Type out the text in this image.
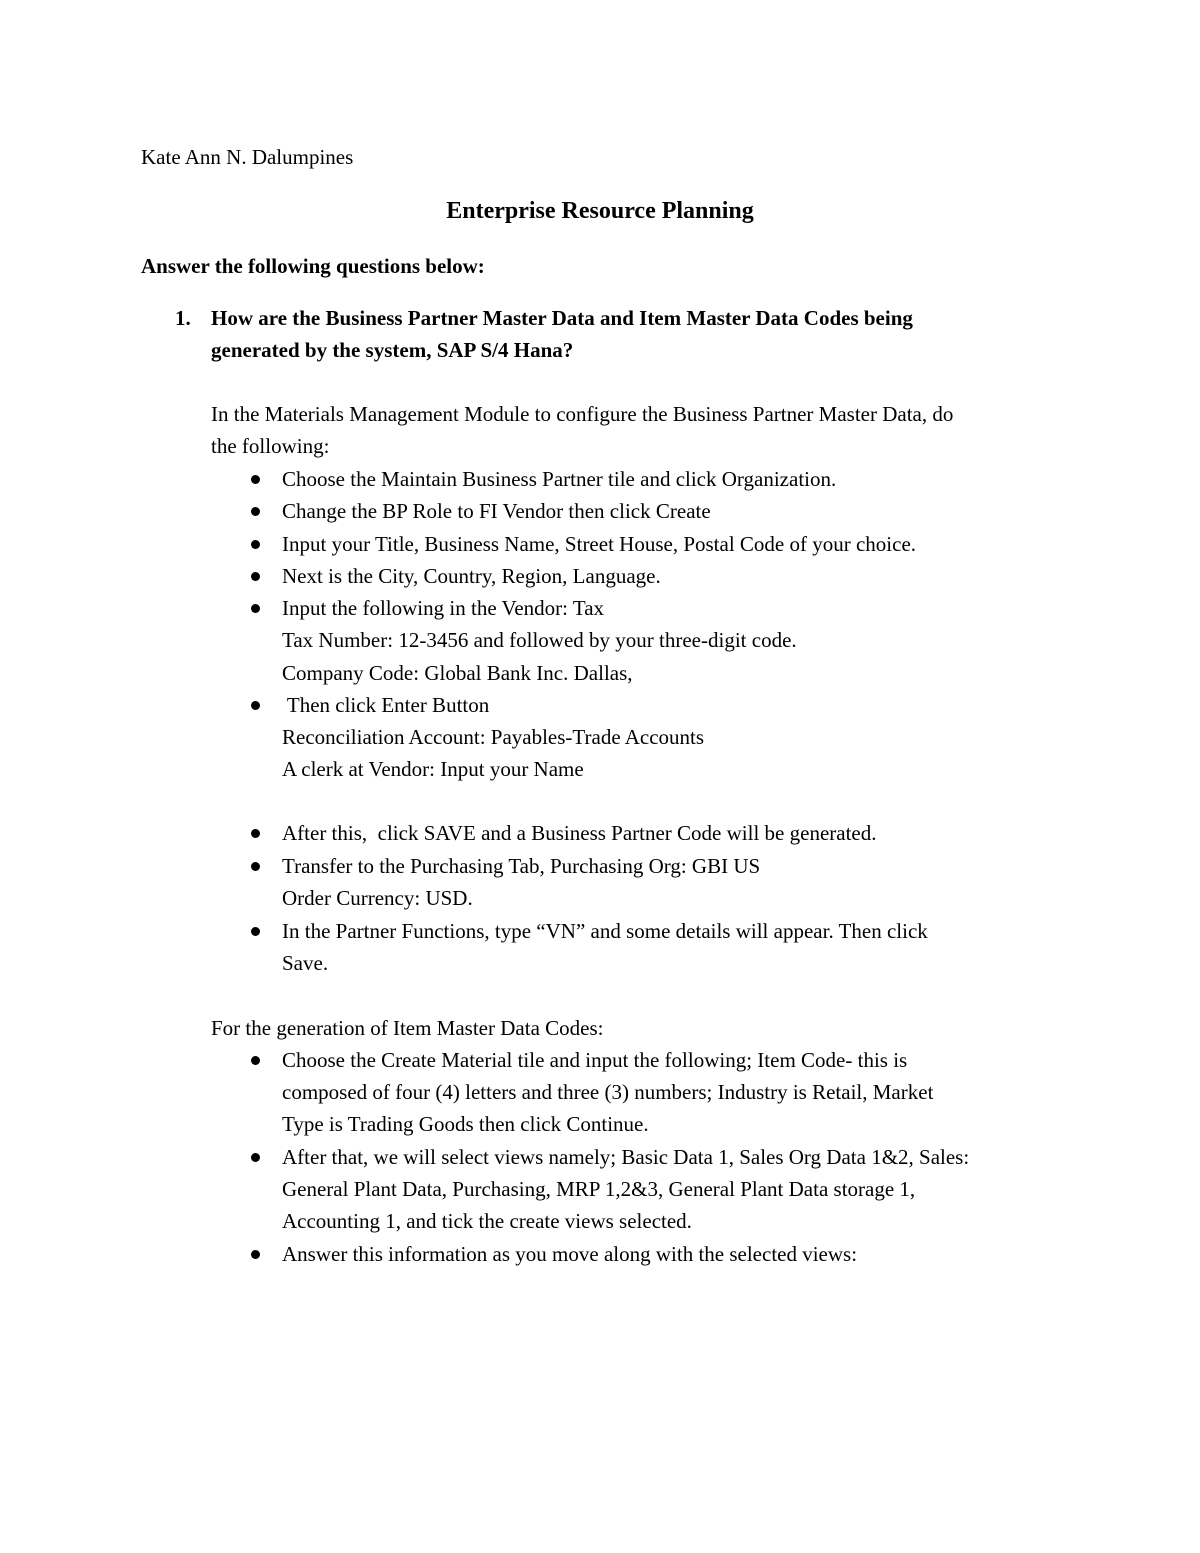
Kate Ann N. Dalumpines
Enterprise Resource Planning
Answer the following questions below:
1. How are the Business Partner Master Data and Item Master Data Codes being
generated by the system, SAP S/4 Hana?
In the Materials Management Module to configure the Business Partner Master Data, do
the following:
Choose the Maintain Business Partner tile and click Organization.
Change the BP Role to FI Vendor then click Create
Input your Title, Business Name, Street House, Postal Code of your choice.
Next is the City, Country, Region, Language.
Input the following in the Vendor: Tax
Tax Number: 12-3456 and followed by your three-digit code.
Company Code: Global Bank Inc. Dallas,
Then click Enter Button
Reconciliation Account: Payables-Trade Accounts
A clerk at Vendor: Input your Name
After this,  click SAVE and a Business Partner Code will be generated.
Transfer to the Purchasing Tab, Purchasing Org: GBI US
Order Currency: USD.
In the Partner Functions, type “VN” and some details will appear. Then click
Save.
For the generation of Item Master Data Codes:
Choose the Create Material tile and input the following; Item Code- this is
composed of four (4) letters and three (3) numbers; Industry is Retail, Market
Type is Trading Goods then click Continue.
After that, we will select views namely; Basic Data 1, Sales Org Data 1&2, Sales:
General Plant Data, Purchasing, MRP 1,2&3, General Plant Data storage 1,
Accounting 1, and tick the create views selected.
Answer this information as you move along with the selected views:
